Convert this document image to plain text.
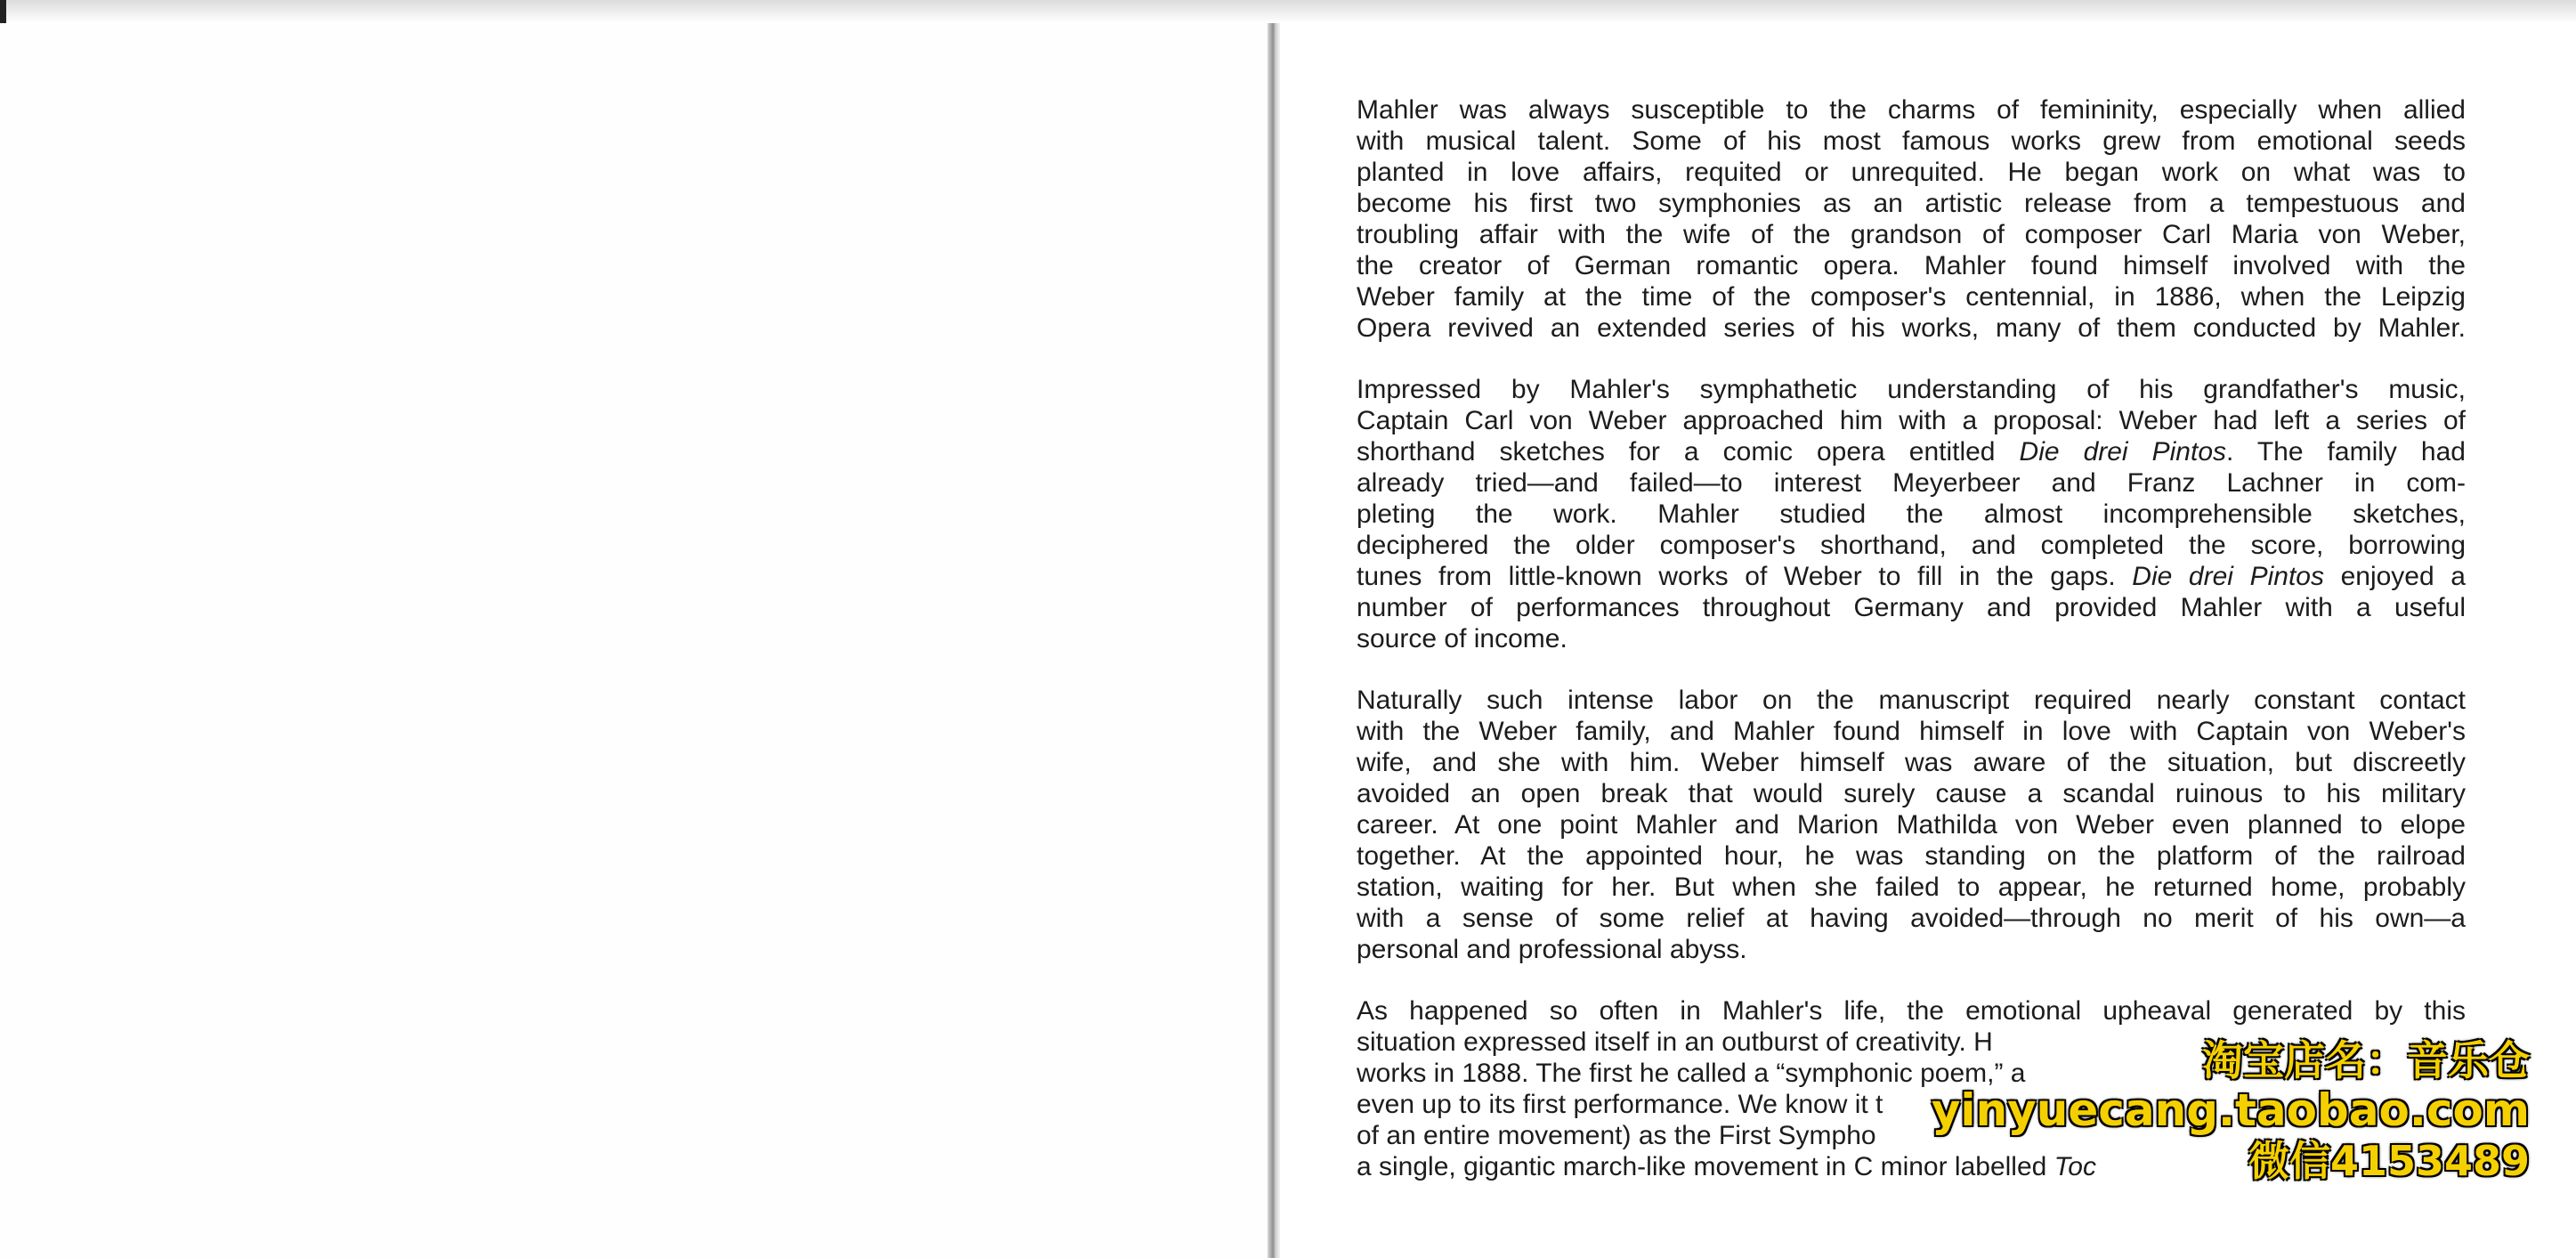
Mahler was always susceptible to the charms of femininity, especially when allied
with musical talent. Some of his most famous works grew from emotional seeds
planted in love affairs, requited or unrequited. He began work on what was to
become his first two symphonies as an artistic release from a tempestuous and
troubling affair with the wife of the grandson of composer Carl Maria von Weber,
the creator of German romantic opera. Mahler found himself involved with the
Weber family at the time of the composer's centennial, in 1886, when the Leipzig
Opera revived an extended series of his works, many of them conducted by Mahler.

Impressed by Mahler's symphathetic understanding of his grandfather's music,
Captain Carl von Weber approached him with a proposal: Weber had left a series of
shorthand sketches for a comic opera entitled Die drei Pintos. The family had
already tried—and failed—to interest Meyerbeer and Franz Lachner in com-
pleting the work. Mahler studied the almost incomprehensible sketches,
deciphered the older composer's shorthand, and completed the score, borrowing
tunes from little-known works of Weber to fill in the gaps. Die drei Pintos enjoyed a
number of performances throughout Germany and provided Mahler with a useful
source of income.

Naturally such intense labor on the manuscript required nearly constant contact
with the Weber family, and Mahler found himself in love with Captain von Weber's
wife, and she with him. Weber himself was aware of the situation, but discreetly
avoided an open break that would surely cause a scandal ruinous to his military
career. At one point Mahler and Marion Mathilda von Weber even planned to elope
together. At the appointed hour, he was standing on the platform of the railroad
station, waiting for her. But when she failed to appear, he returned home, probably
with a sense of some relief at having avoided—through no merit of his own—a
personal and professional abyss.

As happened so often in Mahler's life, the emotional upheaval generated by this
situation expressed itself in an outburst of creativity. H
works in 1888. The first he called a “symphonic poem,” a
even up to its first performance. We know it t
of an entire movement) as the First Sympho
a single, gigantic march-like movement in C minor labelled Toc

淘宝店名：音乐仓
yinyuecang.taobao.com
微信4153489
